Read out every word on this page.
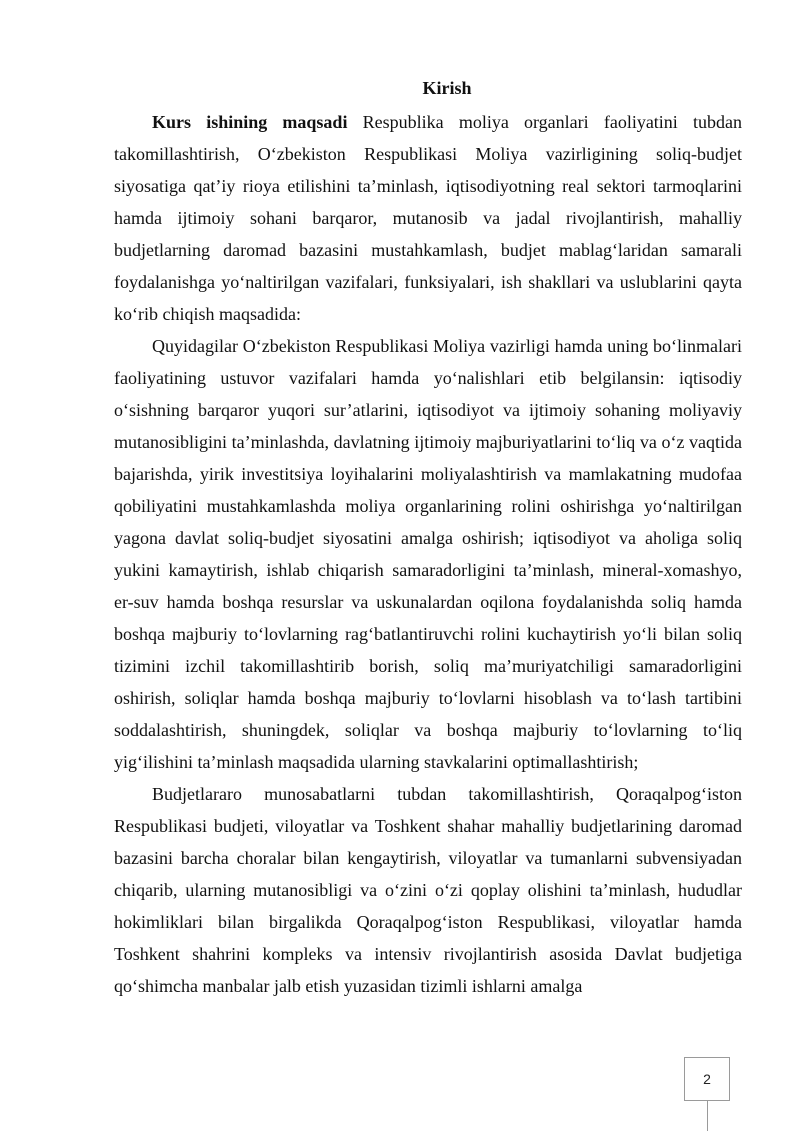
Kirish

Kurs ishining maqsadi Respublika moliya organlari faoliyatini tubdan takomillashtirish, O‘zbekiston Respublikasi Moliya vazirligining soliq-budjet siyosatiga qat’iy rioya etilishini ta’minlash, iqtisodiyotning real sektori tarmoqlarini hamda ijtimoiy sohani barqaror, mutanosib va jadal rivojlantirish, mahalliy budjetlarning daromad bazasini mustahkamlash, budjet mablag‘laridan samarali foydalanishga yo‘naltirilgan vazifalari, funksiyalari, ish shakllari va uslublarini qayta ko‘rib chiqish maqsadida:

Quyidagilar O‘zbekiston Respublikasi Moliya vazirligi hamda uning bo‘linmalari faoliyatining ustuvor vazifalari hamda yo‘nalishlari etib belgilansin: iqtisodiy o‘sishning barqaror yuqori sur’atlarini, iqtisodiyot va ijtimoiy sohaning moliyaviy mutanosibligini ta’minlashda, davlatning ijtimoiy majburiyatlarini to‘liq va o‘z vaqtida bajarishda, yirik investitsiya loyihalarini moliyalashtirish va mamlakatning mudofaa qobiliyatini mustahkamlashda moliya organlarining rolini oshirishga yo‘naltirilgan yagona davlat soliq-budjet siyosatini amalga oshirish; iqtisodiyot va aholiga soliq yukini kamaytirish, ishlab chiqarish samaradorligini ta’minlash, mineral-xomashyo, er-suv hamda boshqa resurslar va uskunalardan oqilona foydalanishda soliq hamda boshqa majburiy to‘lovlarning rag‘batlantiruvchi rolini kuchaytirish yo‘li bilan soliq tizimini izchil takomillashtirib borish, soliq ma’muriyatchiligi samaradorligini oshirish, soliqlar hamda boshqa majburiy to‘lovlarni hisoblash va to‘lash tartibini soddalashtirish, shuningdek, soliqlar va boshqa majburiy to‘lovlarning to‘liq yig‘ilishini ta’minlash maqsadida ularning stavkalarini optimallashtirish;

Budjetlararo munosabatlarni tubdan takomillashtirish, Qoraqalpog‘iston Respublikasi budjeti, viloyatlar va Toshkent shahar mahalliy budjetlarining daromad bazasini barcha choralar bilan kengaytirish, viloyatlar va tumanlarni subvensiyadan chiqarib, ularning mutanosibligi va o‘zini o‘zi qoplay olishini ta’minlash, hududlar hokimliklari bilan birgalikda Qoraqalpog‘iston Respublikasi, viloyatlar hamda Toshkent shahrini kompleks va intensiv rivojlantirish asosida Davlat budjetiga qo‘shimcha manbalar jalb etish yuzasidan tizimli ishlarni amalga

2
